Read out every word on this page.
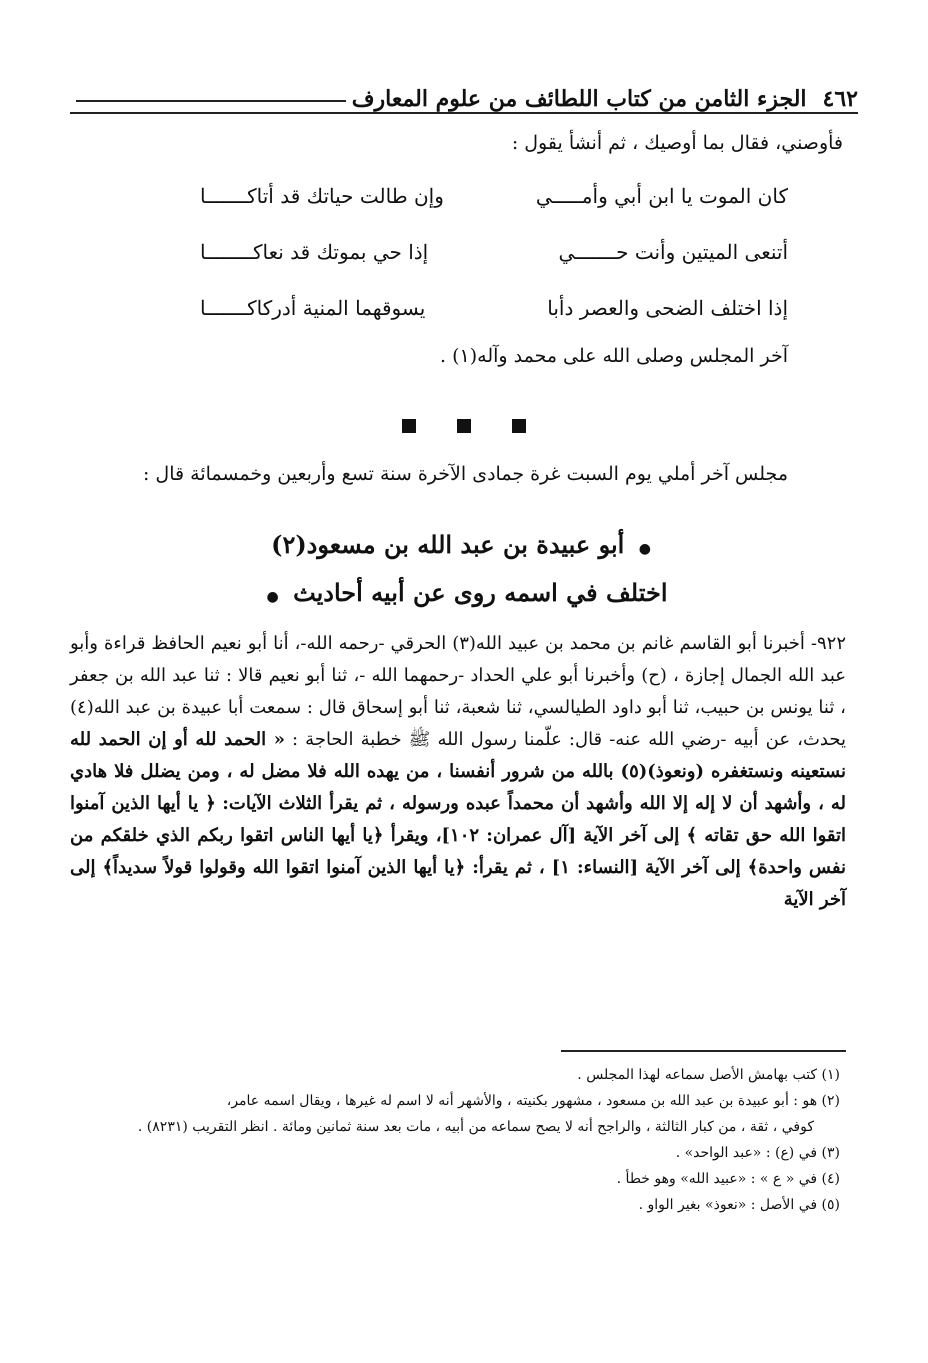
٤٦٢
الجزء الثامن من كتاب اللطائف من علوم المعارف
فأوصني، فقال بما أوصيك ، ثم أنشأ يقول :
كان الموت يا ابن أبي وأمـــــي
وإن طالت حياتك قد أتاكـــــــا
أتنعى الميتين وأنت حـــــــي
إذا حي بموتك قد نعاكــــــــا
إذا اختلف الضحى والعصر دأبا
يسوقهما المنية أدركاكـــــــا
آخر المجلس وصلى الله على محمد وآله(١) .

مجلس آخر أملي يوم السبت غرة جمادى الآخرة سنة تسع وأربعين وخمسمائة قال :
● أبو عبيدة بن عبد الله بن مسعود(٢)
اختلف في اسمه روى عن أبيه أحاديث ●
٩٢٢- أخبرنا أبو القاسم غانم بن محمد بن عبيد الله(٣) الحرقي -رحمه الله-، أنا أبو نعيم الحافظ قراءة وأبو عبد الله الجمال إجازة ، (ح) وأخبرنا أبو علي الحداد -رحمهما الله -، ثنا أبو نعيم قالا : ثنا عبد الله بن جعفر ، ثنا يونس بن حبيب، ثنا أبو داود الطيالسي، ثنا شعبة، ثنا أبو إسحاق قال : سمعت أبا عبيدة بن عبد الله(٤) يحدث، عن أبيه -رضي الله عنه- قال: علّمنا رسول الله ﷺ خطبة الحاجة : « الحمد لله أو إن الحمد لله نستعينه ونستغفره (ونعوذ)(٥) بالله من شرور أنفسنا ، من يهده الله فلا مضل له ، ومن يضلل فلا هادي له ، وأشهد أن لا إله إلا الله وأشهد أن محمداً عبده ورسوله ، ثم يقرأ الثلاث الآيات: ﴿ يا أيها الذين آمنوا اتقوا الله حق تقاته ﴾ إلى آخر الآية [آل عمران: ١٠٢]، ويقرأ ﴿يا أيها الناس اتقوا ربكم الذي خلقكم من نفس واحدة﴾ إلى آخر الآية [النساء: ١] ، ثم يقرأ: ﴿يا أيها الذين آمنوا اتقوا الله وقولوا قولاً سديداً﴾ إلى آخر الآية

(١) كتب بهامش الأصل سماعه لهذا المجلس .

(٢) هو : أبو عبيدة بن عبد الله بن مسعود ، مشهور بكنيته ، والأشهر أنه لا اسم له غيرها ، ويقال اسمه عامر،

كوفي ، ثقة ، من كبار الثالثة ، والراجح أنه لا يصح سماعه من أبيه ، مات بعد سنة ثمانين ومائة . انظر التقريب (٨٢٣١) .

(٣) في (ع) : «عبد الواحد» .

(٤) في « ع » : «عبيد الله» وهو خطأ .

(٥) في الأصل : «نعوذ» بغير الواو .
